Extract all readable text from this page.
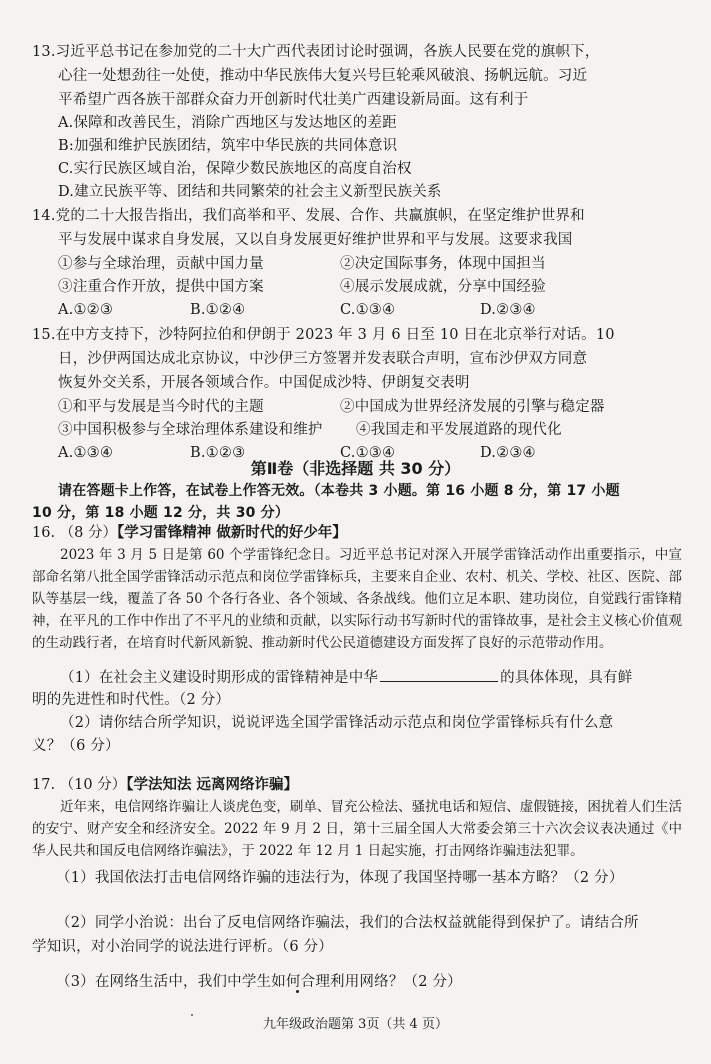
13.习近平总书记在参加党的二十大广西代表团讨论时强调，各族人民要在党的旗帜下，
心往一处想劲往一处使，推动中华民族伟大复兴号巨轮乘风破浪、扬帆远航。习近
平希望广西各族干部群众奋力开创新时代壮美广西建设新局面。这有利于
A.保障和改善民生，消除广西地区与发达地区的差距
B:加强和维护民族团结，筑牢中华民族的共同体意识
C.实行民族区域自治，保障少数民族地区的高度自治权
D.建立民族平等、团结和共同繁荣的社会主义新型民族关系
14.党的二十大报告指出，我们高举和平、发展、合作、共赢旗帜，在坚定维护世界和
平与发展中谋求自身发展，又以自身发展更好维护世界和平与发展。这要求我国
①参与全球治理，贡献中国力量	②决定国际事务，体现中国担当
③注重合作开放，提供中国方案	④展示发展成就，分享中国经验
A.①②③	B.①②④	C.①③④	D.②③④
15.在中方支持下，沙特阿拉伯和伊朗于 2023 年 3 月 6 日至 10 日在北京举行对话。10
日，沙伊两国达成北京协议，中沙伊三方签署并发表联合声明，宣布沙伊双方同意
恢复外交关系，开展各领域合作。中国促成沙特、伊朗复交表明
①和平与发展是当今时代的主题	②中国成为世界经济发展的引擎与稳定器
③中国积极参与全球治理体系建设和维护 ④我国走和平发展道路的现代化
A.①③④	B.①②③	C.①③④	D.②③④
第Ⅱ卷（非选择题 共 30 分）
请在答题卡上作答，在试卷上作答无效。（本卷共 3 小题。第 16 小题 8 分，第 17 小题
10 分，第 18 小题 12 分，共 30 分）
16. （8 分）【学习雷锋精神 做新时代的好少年】
2023 年 3 月 5 日是第 60 个学雷锋纪念日。习近平总书记对深入开展学雷锋活动作出重要指示，中宣部命名第八批全国学雷锋活动示范点和岗位学雷锋标兵，主要来自企业、农村、机关、学校、社区、医院、部队等基层一线，覆盖了各 50 个各行各业、各个领域、各条战线。他们立足本职、建功岗位，自觉践行雷锋精神，在平凡的工作中作出了不平凡的业绩和贡献，以实际行动书写新时代的雷锋故事，是社会主义核心价值观的生动践行者，在培育时代新风新貌、推动新时代公民道德建设方面发挥了良好的示范带动作用。
（1）在社会主义建设时期形成的雷锋精神是中华	的具体体现，具有鲜
明的先进性和时代性。（2 分）
（2）请你结合所学知识，说说评选全国学雷锋活动示范点和岗位学雷锋标兵有什么意
义？（6 分）
17. （10 分）【学法知法 远离网络诈骗】
近年来，电信网络诈骗让人谈虎色变，刷单、冒充公检法、骚扰电话和短信、虚假链接，困扰着人们生活的安宁、财产安全和经济安全。2022 年 9 月 2 日，第十三届全国人大常委会第三十六次会议表决通过《中华人民共和国反电信网络诈骗法》，于 2022 年 12 月 1 日起实施，打击网络诈骗违法犯罪。
（1）我国依法打击电信网络诈骗的违法行为，体现了我国坚持哪一基本方略？（2 分）
（2）同学小治说：出台了反电信网络诈骗法，我们的合法权益就能得到保护了。请结合所
学知识，对小治同学的说法进行评析。（6 分）
（3）在网络生活中，我们中学生如何合理利用网络？（2 分）
九年级政治题第 3页（共 4 页）
